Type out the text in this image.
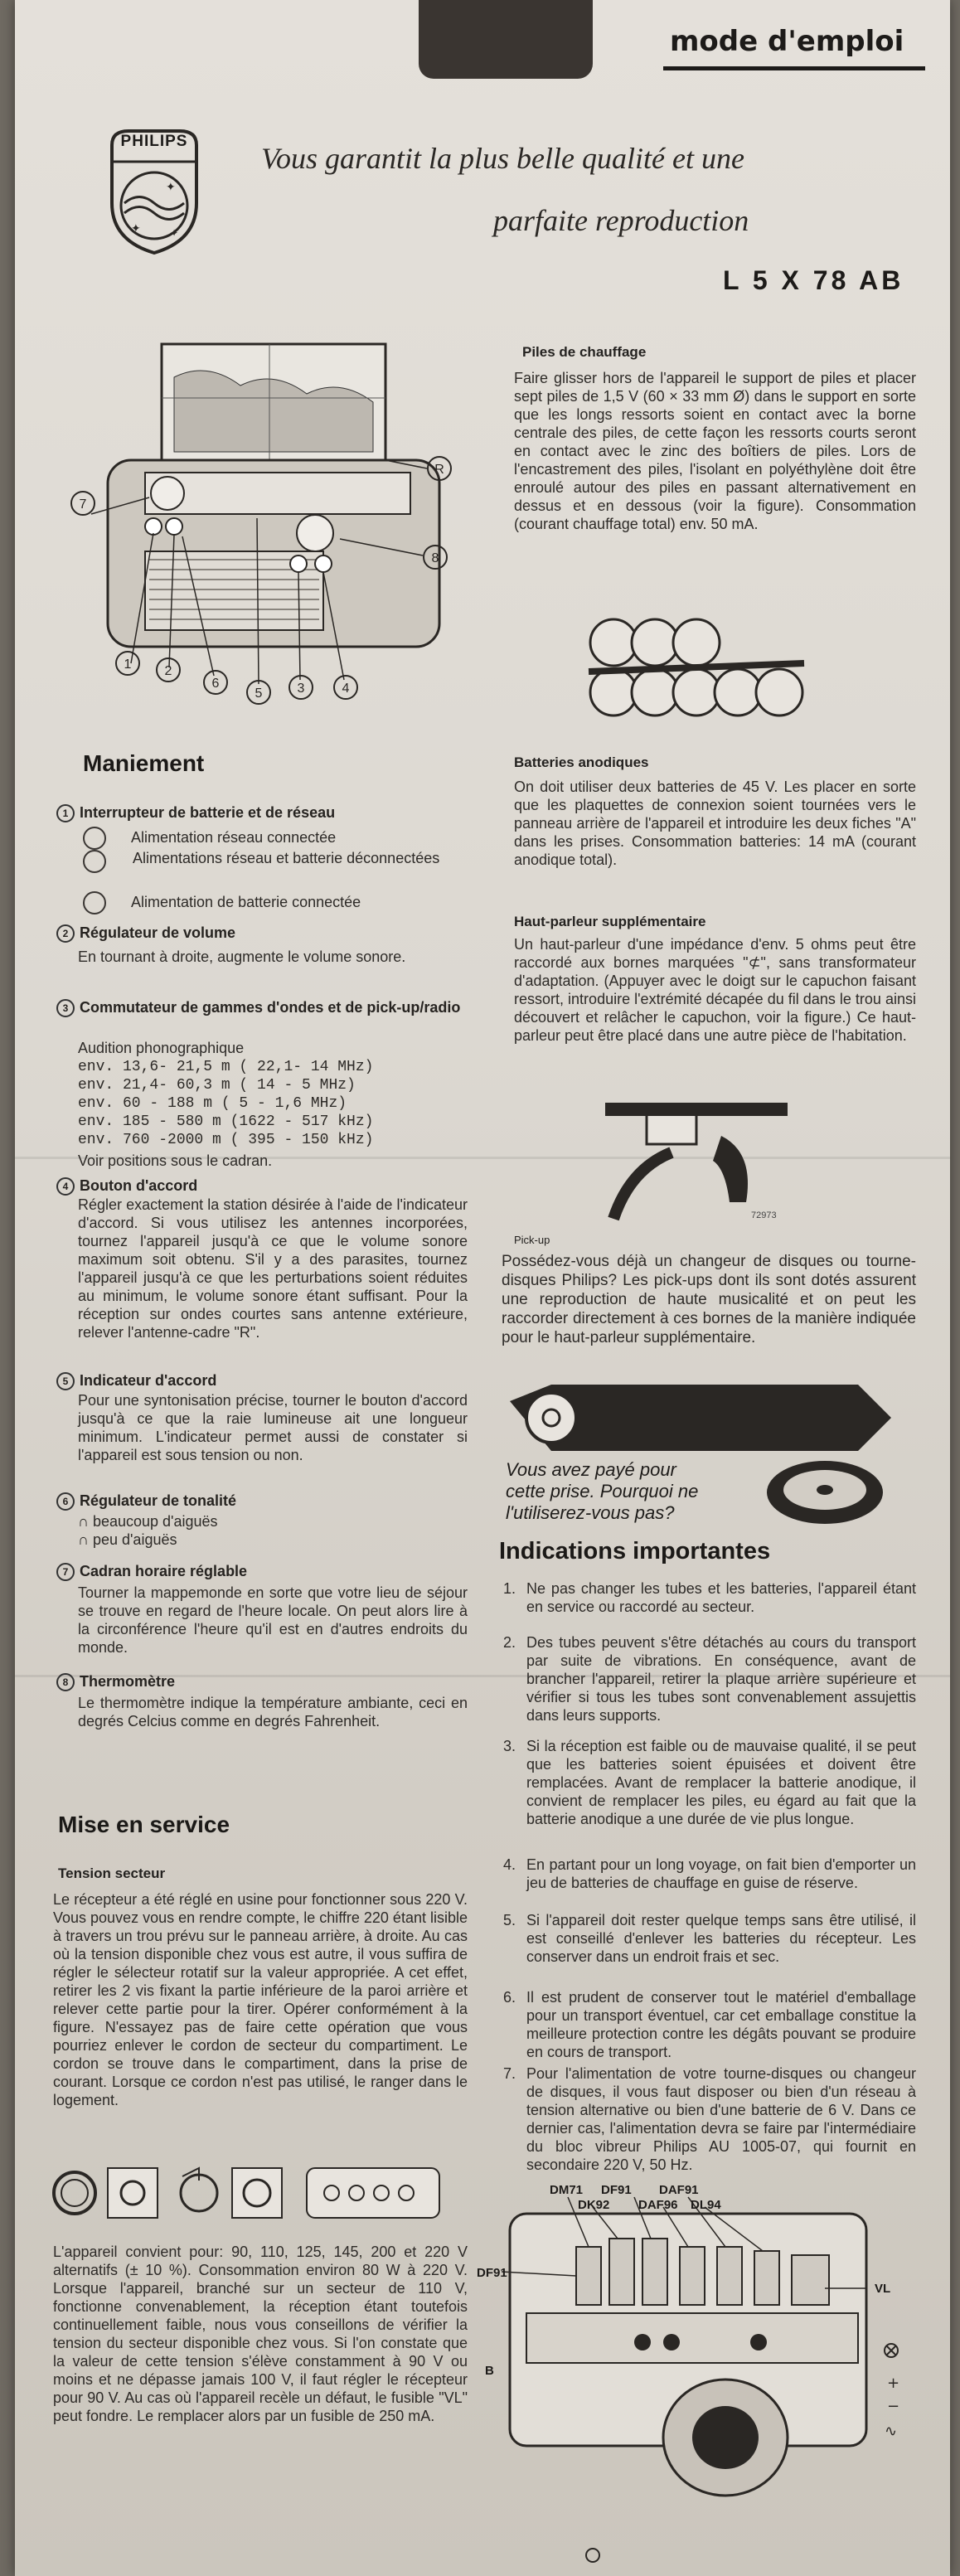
mode d'emploi
✦
✦	✦
PHILIPS
Vous garantit la plus belle qualité et une
parfaite reproduction
L 5 X 78 AB
R
7
8
1	2
6
5	3	4
Maniement
1 Interrupteur de batterie et de réseau
Alimentation réseau connectée
Alimentations réseau et batterie déconnectées
Alimentation de batterie connectée
2 Régulateur de volume
En tournant à droite, augmente le volume sonore.
3 Commutateur de gammes d'ondes et de pick-up/radio
Audition phonographique
env. 13,6- 21,5 m ( 22,1- 14 MHz)
env. 21,4- 60,3 m ( 14 - 5 MHz)
env. 60 - 188 m ( 5 - 1,6 MHz)
env. 185 - 580 m (1622 - 517 kHz)
env. 760 -2000 m ( 395 - 150 kHz)
Voir positions sous le cadran.
4 Bouton d'accord
Régler exactement la station désirée à l'aide de l'indicateur d'accord. Si vous utilisez les antennes incorporées, tournez l'appareil jusqu'à ce que le volume sonore maximum soit obtenu. S'il y a des parasites, tournez l'appareil jusqu'à ce que les perturbations soient réduites au minimum, le volume sonore étant suffisant. Pour la réception sur ondes courtes sans antenne extérieure, relever l'antenne-cadre "R".
5 Indicateur d'accord
Pour une syntonisation précise, tourner le bouton d'accord jusqu'à ce que la raie lumineuse ait une longueur minimum. L'indicateur permet aussi de constater si l'appareil est sous tension ou non.
6 Régulateur de tonalité
∩ beaucoup d'aiguës
∩ peu d'aiguës
7 Cadran horaire réglable
Tourner la mappemonde en sorte que votre lieu de séjour se trouve en regard de l'heure locale. On peut alors lire à la circonférence l'heure qu'il est en d'autres endroits du monde.
8 Thermomètre
Le thermomètre indique la température ambiante, ceci en degrés Celcius comme en degrés Fahrenheit.
Mise en service
Tension secteur
Le récepteur a été réglé en usine pour fonctionner sous 220 V. Vous pouvez vous en rendre compte, le chiffre 220 étant lisible à travers un trou prévu sur le panneau arrière, à droite. Au cas où la tension disponible chez vous est autre, il vous suffira de régler le sélecteur rotatif sur la valeur appropriée. A cet effet, retirer les 2 vis fixant la partie inférieure de la paroi arrière et relever cette partie pour la tirer. Opérer conformément à la figure. N'essayez pas de faire cette opération que vous pourriez enlever le cordon de secteur du compartiment. Le cordon se trouve dans le compartiment, dans la prise de courant. Lorsque ce cordon n'est pas utilisé, le ranger dans le logement.
L'appareil convient pour: 90, 110, 125, 145, 200 et 220 V alternatifs (± 10 %). Consommation environ 80 W à 220 V. Lorsque l'appareil, branché sur un secteur de 110 V, fonctionne convenablement, la réception étant toutefois continuellement faible, nous vous conseillons de vérifier la tension du secteur disponible chez vous. Si l'on constate que la valeur de cette tension s'élève constamment à 90 V ou moins et ne dépasse jamais 100 V, il faut régler le récepteur pour 90 V. Au cas où l'appareil recèle un défaut, le fusible "VL" peut fondre. Le remplacer alors par un fusible de 250 mA.
Piles de chauffage
Faire glisser hors de l'appareil le support de piles et placer sept piles de 1,5 V (60 × 33 mm Ø) dans le support en sorte que les longs ressorts soient en contact avec la borne centrale des piles, de cette façon les ressorts courts seront en contact avec le zinc des boîtiers de piles. Lors de l'encastrement des piles, l'isolant en polyéthylène doit être enroulé autour des piles en passant alternativement en dessus et en dessous (voir la figure). Consommation (courant chauffage total) env. 50 mA.
Batteries anodiques
On doit utiliser deux batteries de 45 V. Les placer en sorte que les plaquettes de connexion soient tournées vers le panneau arrière de l'appareil et introduire les deux fiches "A" dans les prises. Consommation batteries: 14 mA (courant anodique total).
Haut-parleur supplémentaire
Un haut-parleur d'une impédance d'env. 5 ohms peut être raccordé aux bornes marquées "⊄", sans transformateur d'adaptation. (Appuyer avec le doigt sur le capuchon faisant ressort, introduire l'extrémité décapée du fil dans le trou ainsi découvert et relâcher le capuchon, voir la figure.) Ce haut-parleur peut être placé dans une autre pièce de l'habitation.
72973
Pick-up
Possédez-vous déjà un changeur de disques ou tourne-disques Philips? Les pick-ups dont ils sont dotés assurent une reproduction de haute musicalité et on peut les raccorder directement à ces bornes de la manière indiquée pour le haut-parleur supplémentaire.
Vous avez payé pour
cette prise. Pourquoi ne
l'utiliserez-vous pas?
Indications importantes
1. Ne pas changer les tubes et les batteries, l'appareil étant en service ou raccordé au secteur.
2. Des tubes peuvent s'être détachés au cours du transport par suite de vibrations. En conséquence, avant de brancher l'appareil, retirer la plaque arrière supérieure et vérifier si tous les tubes sont convenablement assujettis dans leurs supports.
3. Si la réception est faible ou de mauvaise qualité, il se peut que les batteries soient épuisées et doivent être remplacées. Avant de remplacer la batterie anodique, il convient de remplacer les piles, eu égard au fait que la batterie anodique a une durée de vie plus longue.
4. En partant pour un long voyage, on fait bien d'emporter un jeu de batteries de chauffage en guise de réserve.
5. Si l'appareil doit rester quelque temps sans être utilisé, il est conseillé d'enlever les batteries du récepteur. Les conserver dans un endroit frais et sec.
6. Il est prudent de conserver tout le matériel d'emballage pour un transport éventuel, car cet emballage constitue la meilleure protection contre les dégâts pouvant se produire en cours de transport.
7. Pour l'alimentation de votre tourne-disques ou changeur de disques, il vous faut disposer ou bien d'un réseau à tension alternative ou bien d'une batterie de 6 V. Dans ce dernier cas, l'alimentation devra se faire par l'intermédiaire du bloc vibreur Philips AU 1005-07, qui fournit en secondaire 220 V, 50 Hz.
DM71 DF91 DAF91
DK92 DAF96 DL94
DF91
VL
B
+
−
∿
